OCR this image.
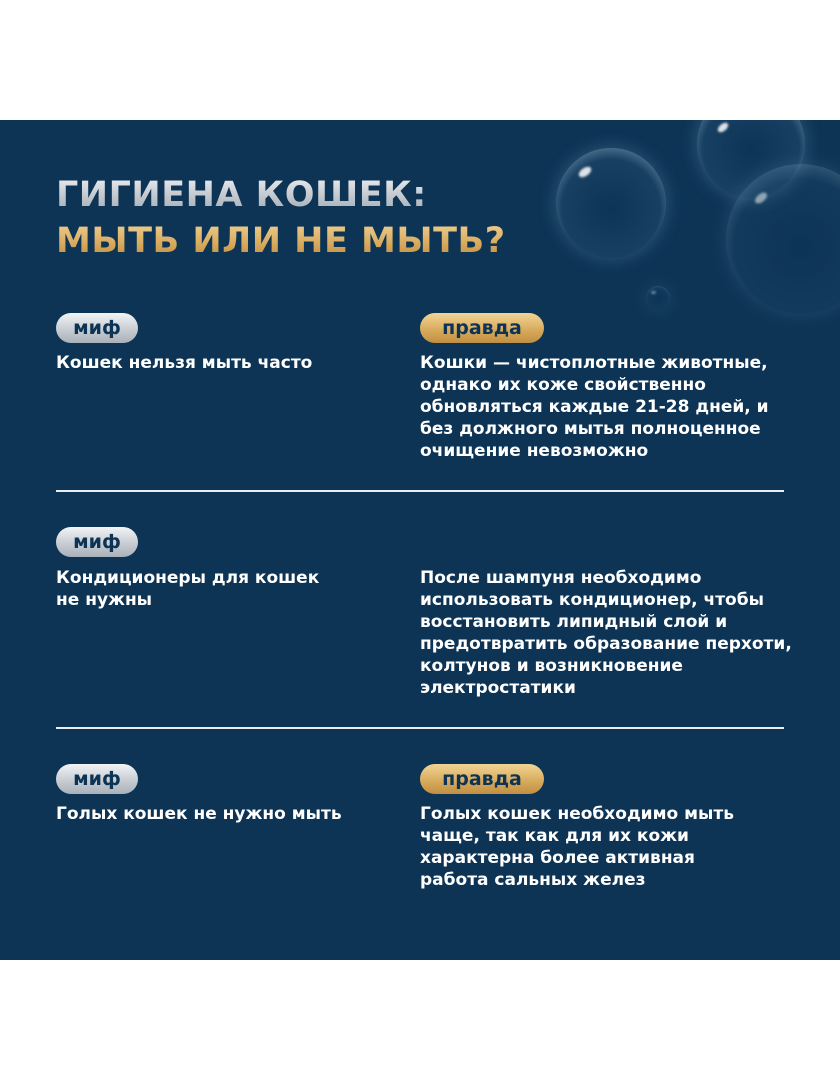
ГИГИЕНА КОШЕК:
МЫТЬ ИЛИ НЕ МЫТЬ?
миф

Кошек нельзя мыть часто

правда

Кошки — чистоплотные животные, однако их коже свойственно обновляться каждые 21-28 дней, и без должного мытья полноценное очищение невозможно

миф

Кондиционеры для кошек не нужны

После шампуня необходимо использовать кондиционер, чтобы восстановить липидный слой и предотвратить образование перхоти, колтунов и возникновение электростатики

миф

Голых кошек не нужно мыть

правда

Голых кошек необходимо мыть чаще, так как для их кожи характерна более активная работа сальных желез
